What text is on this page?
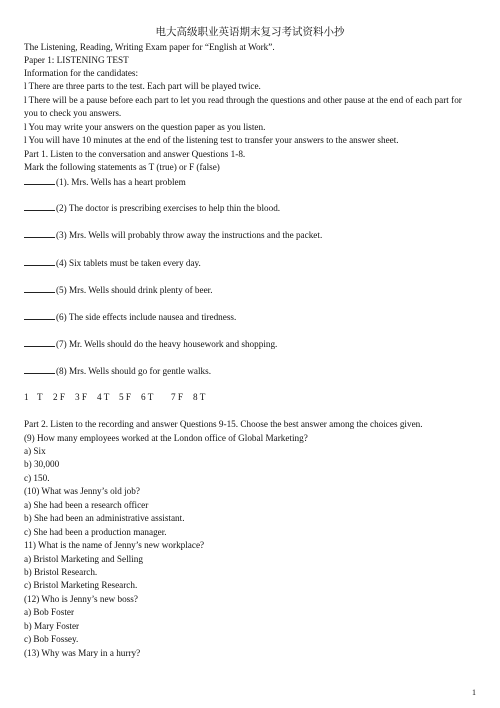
电大高级职业英语期末复习考试资料小抄
The Listening, Reading, Writing Exam paper for “English at Work”.
Paper 1: LISTENING TEST
Information for the candidates:
l There are three parts to the test. Each part will be played twice.
l There will be a pause before each part to let you read through the questions and other pause at the end of each part for
you to check you answers.
l You may write your answers on the question paper as you listen.
l You will have 10 minutes at the end of the listening test to transfer your answers to the answer sheet.
Part 1. Listen to the conversation and answer Questions 1-8.
Mark the following statements as T (true) or F (false)
(1). Mrs. Wells has a heart problem
(2) The doctor is prescribing exercises to help thin the blood.
(3) Mrs. Wells will probably throw away the instructions and the packet.
(4) Six tablets must be taken every day.
(5) Mrs. Wells should drink plenty of beer.
(6) The side effects include nausea and tiredness.
(7) Mr. Wells should do the heavy housework and shopping.
(8) Mrs. Wells should go for gentle walks.
1 T 2 F 3 F 4 T 5 F 6 T 7 F 8 T
Part 2. Listen to the recording and answer Questions 9-15. Choose the best answer among the choices given.
(9) How many employees worked at the London office of Global Marketing?
a) Six
b) 30,000
c) 150.
(10) What was Jenny’s old job?
a) She had been a research officer
b) She had been an administrative assistant.
c) She had been a production manager.
11) What is the name of Jenny’s new workplace?
a) Bristol Marketing and Selling
b) Bristol Research.
c) Bristol Marketing Research.
(12) Who is Jenny’s new boss?
a) Bob Foster
b) Mary Foster
c) Bob Fossey.
(13) Why was Mary in a hurry?
1
